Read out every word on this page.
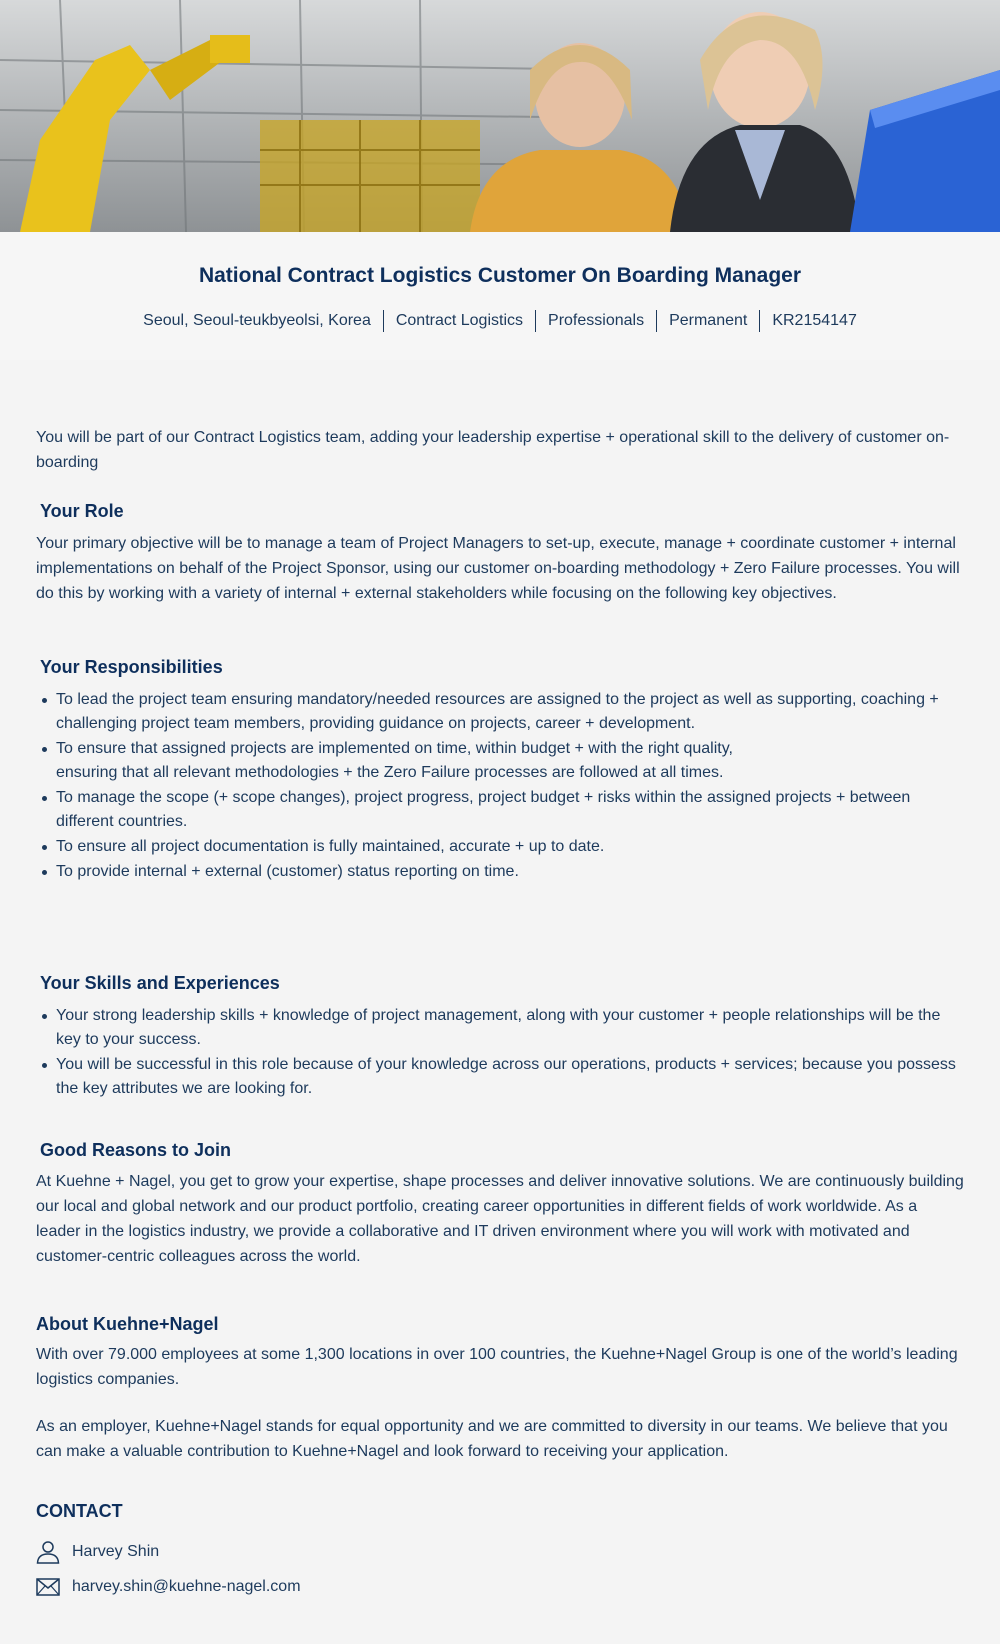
National Contract Logistics Customer On Boarding Manager
Seoul, Seoul-teukbyeolsi, Korea	Contract Logistics	Professionals	Permanent	KR2154147

You will be part of our Contract Logistics team, adding your leadership expertise + operational skill to the delivery of customer on-boarding

Your Role

Your primary objective will be to manage a team of Project Managers to set-up, execute, manage + coordinate customer + internal implementations on behalf of the Project Sponsor, using our customer on-boarding methodology + Zero Failure processes. You will do this by working with a variety of internal + external stakeholders while focusing on the following key objectives.

Your Responsibilities
To lead the project team ensuring mandatory/needed resources are assigned to the project as well as supporting, coaching + challenging project team members, providing guidance on projects, career + development.
To ensure that assigned projects are implemented on time, within budget + with the right quality,
ensuring that all relevant methodologies + the Zero Failure processes are followed at all times.
To manage the scope (+ scope changes), project progress, project budget + risks within the assigned projects + between different countries.
To ensure all project documentation is fully maintained, accurate + up to date.
To provide internal + external (customer) status reporting on time.
Your Skills and Experiences
Your strong leadership skills + knowledge of project management, along with your customer + people relationships will be the key to your success.
You will be successful in this role because of your knowledge across our operations, products + services; because you possess the key attributes we are looking for.
Good Reasons to Join

At Kuehne + Nagel, you get to grow your expertise, shape processes and deliver innovative solutions. We are continuously building our local and global network and our product portfolio, creating career opportunities in different fields of work worldwide. As a leader in the logistics industry, we provide a collaborative and IT driven environment where you will work with motivated and customer-centric colleagues across the world.

About Kuehne+Nagel

With over 79.000 employees at some 1,300 locations in over 100 countries, the Kuehne+Nagel Group is one of the world’s leading logistics companies.

As an employer, Kuehne+Nagel stands for equal opportunity and we are committed to diversity in our teams. We believe that you can make a valuable contribution to Kuehne+Nagel and look forward to receiving your application.

CONTACT
Harvey Shin
harvey.shin@kuehne-nagel.com
